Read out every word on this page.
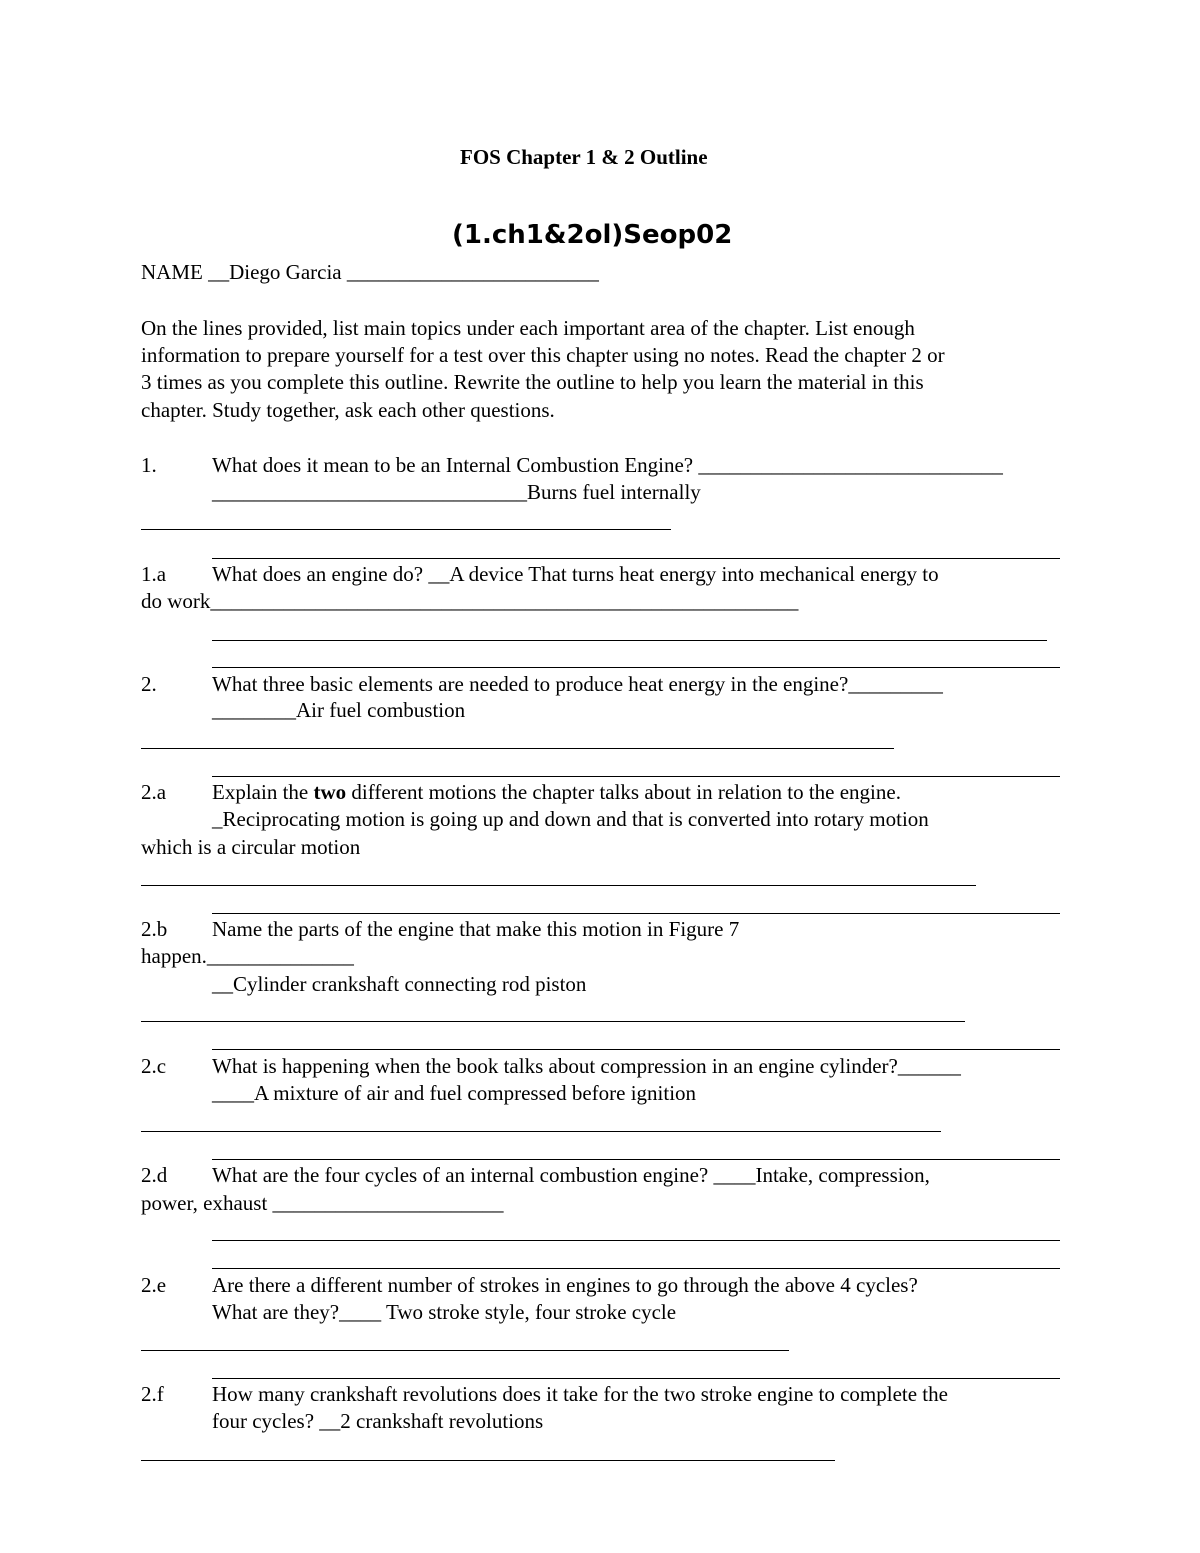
FOS Chapter 1 & 2 Outline
(1.ch1&2ol)Seop02
NAME __Diego Garcia ________________________
On the lines provided, list main topics under each important area of the chapter. List enough
information to prepare yourself for a test over this chapter using no notes. Read the chapter 2 or
3 times as you complete this outline. Rewrite the outline to help you learn the material in this
chapter. Study together, ask each other questions.
1.	What does it mean to be an Internal Combustion Engine? _____________________________
______________________________Burns fuel internally
1.a What does an engine do? __A device That turns heat energy into mechanical energy to
do work________________________________________________________
2.	What three basic elements are needed to produce heat energy in the engine?_________
________Air fuel combustion
2.a Explain the two different motions the chapter talks about in relation to the engine.
_Reciprocating motion is going up and down and that is converted into rotary motion
which is a circular motion
2.b Name the parts of the engine that make this motion in Figure 7
happen.______________
__Cylinder crankshaft connecting rod piston
2.c What is happening when the book talks about compression in an engine cylinder?______
____A mixture of air and fuel compressed before ignition
2.d What are the four cycles of an internal combustion engine? ____Intake, compression,
power, exhaust ______________________
2.e Are there a different number of strokes in engines to go through the above 4 cycles?
What are they?____ Two stroke style, four stroke cycle
2.f How many crankshaft revolutions does it take for the two stroke engine to complete the
four cycles? __2 crankshaft revolutions
